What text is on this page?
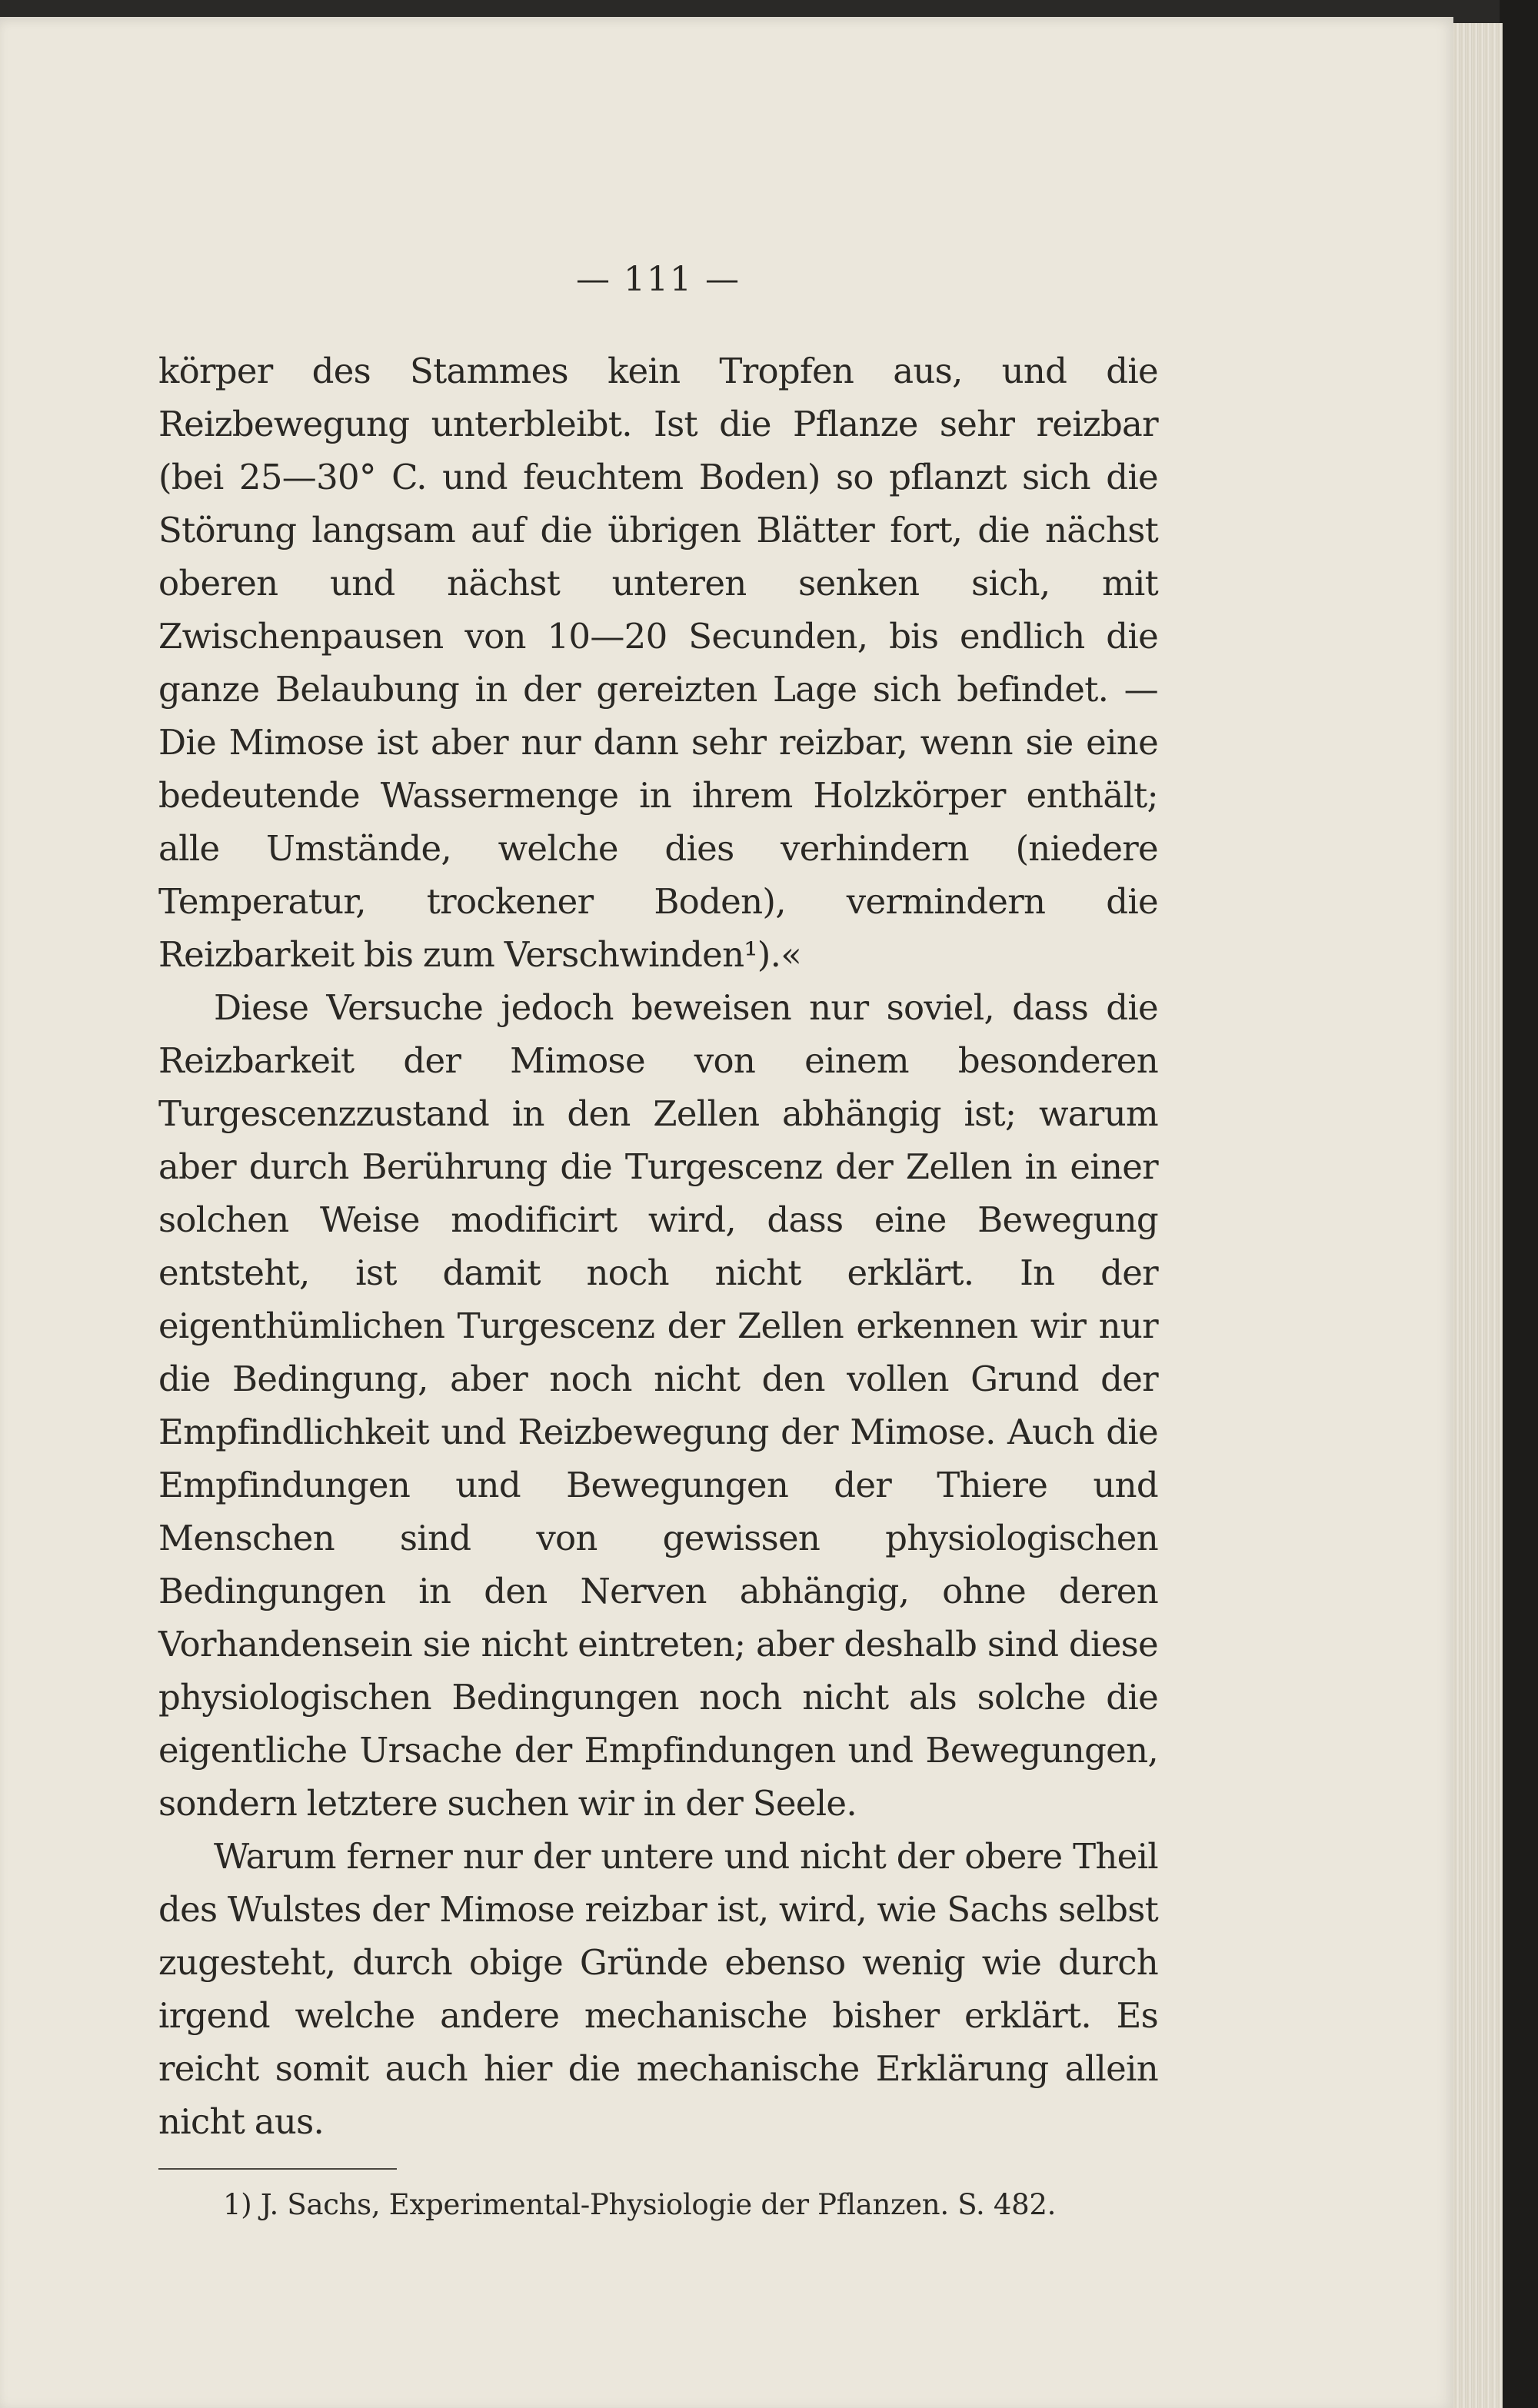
— 111 —

körper des Stammes kein Tropfen aus, und die Reizbewegung unterbleibt. Ist die Pflanze sehr reizbar (bei 25—30° C. und feuchtem Boden) so pflanzt sich die Störung langsam auf die übrigen Blätter fort, die nächst oberen und nächst unteren senken sich, mit Zwischenpausen von 10—20 Secunden, bis endlich die ganze Belaubung in der gereizten Lage sich befindet. — Die Mimose ist aber nur dann sehr reizbar, wenn sie eine bedeutende Wassermenge in ihrem Holzkörper enthält; alle Umstände, welche dies verhindern (niedere Temperatur, trockener Boden), vermindern die Reizbarkeit bis zum Verschwinden¹).«

Diese Versuche jedoch beweisen nur soviel, dass die Reizbarkeit der Mimose von einem besonderen Turgescenzzustand in den Zellen abhängig ist; warum aber durch Berührung die Turgescenz der Zellen in einer solchen Weise modificirt wird, dass eine Bewegung entsteht, ist damit noch nicht erklärt. In der eigenthümlichen Turgescenz der Zellen erkennen wir nur die Bedingung, aber noch nicht den vollen Grund der Empfindlichkeit und Reizbewegung der Mimose. Auch die Empfindungen und Bewegungen der Thiere und Menschen sind von gewissen physiologischen Bedingungen in den Nerven abhängig, ohne deren Vorhandensein sie nicht eintreten; aber deshalb sind diese physiologischen Bedingungen noch nicht als solche die eigentliche Ursache der Empfindungen und Bewegungen, sondern letztere suchen wir in der Seele.

Warum ferner nur der untere und nicht der obere Theil des Wulstes der Mimose reizbar ist, wird, wie Sachs selbst zugesteht, durch obige Gründe ebenso wenig wie durch irgend welche andere mechanische bisher erklärt. Es reicht somit auch hier die mechanische Erklärung allein nicht aus.

1) J. Sachs, Experimental-Physiologie der Pflanzen. S. 482.
